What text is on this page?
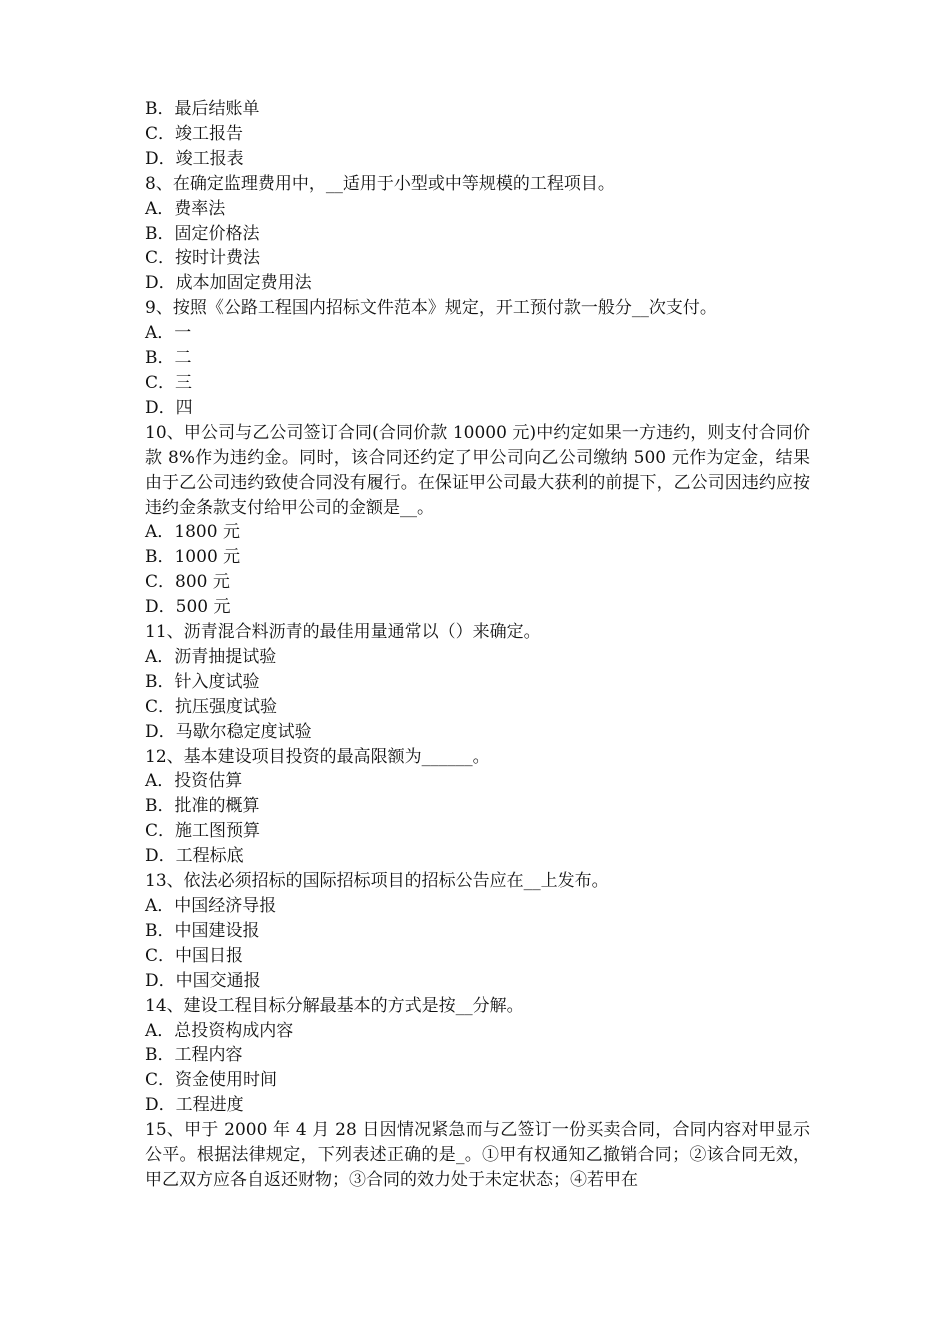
B．最后结账单

C．竣工报告

D．竣工报表

8、在确定监理费用中，__适用于小型或中等规模的工程项目。

A．费率法

B．固定价格法

C．按时计费法

D．成本加固定费用法

9、按照《公路工程国内招标文件范本》规定，开工预付款一般分__次支付。

A．一

B．二

C．三

D．四

10、甲公司与乙公司签订合同(合同价款 10000 元)中约定如果一方违约，则支付合同价款 8%作为违约金。同时，该合同还约定了甲公司向乙公司缴纳 500 元作为定金，结果由于乙公司违约致使合同没有履行。在保证甲公司最大获利的前提下，乙公司因违约应按违约金条款支付给甲公司的金额是__。

A．1800 元

B．1000 元

C．800 元

D．500 元

11、沥青混合料沥青的最佳用量通常以（）来确定。

A．沥青抽提试验

B．针入度试验

C．抗压强度试验

D．马歇尔稳定度试验

12、基本建设项目投资的最高限额为______。

A．投资估算

B．批准的概算

C．施工图预算

D．工程标底

13、依法必须招标的国际招标项目的招标公告应在__上发布。

A．中国经济导报

B．中国建设报

C．中国日报

D．中国交通报

14、建设工程目标分解最基本的方式是按__分解。

A．总投资构成内容

B．工程内容

C．资金使用时间

D．工程进度

15、甲于 2000 年 4 月 28 日因情况紧急而与乙签订一份买卖合同，合同内容对甲显示公平。根据法律规定，下列表述正确的是_。①甲有权通知乙撤销合同；②该合同无效，甲乙双方应各自返还财物；③合同的效力处于未定状态；④若甲在
